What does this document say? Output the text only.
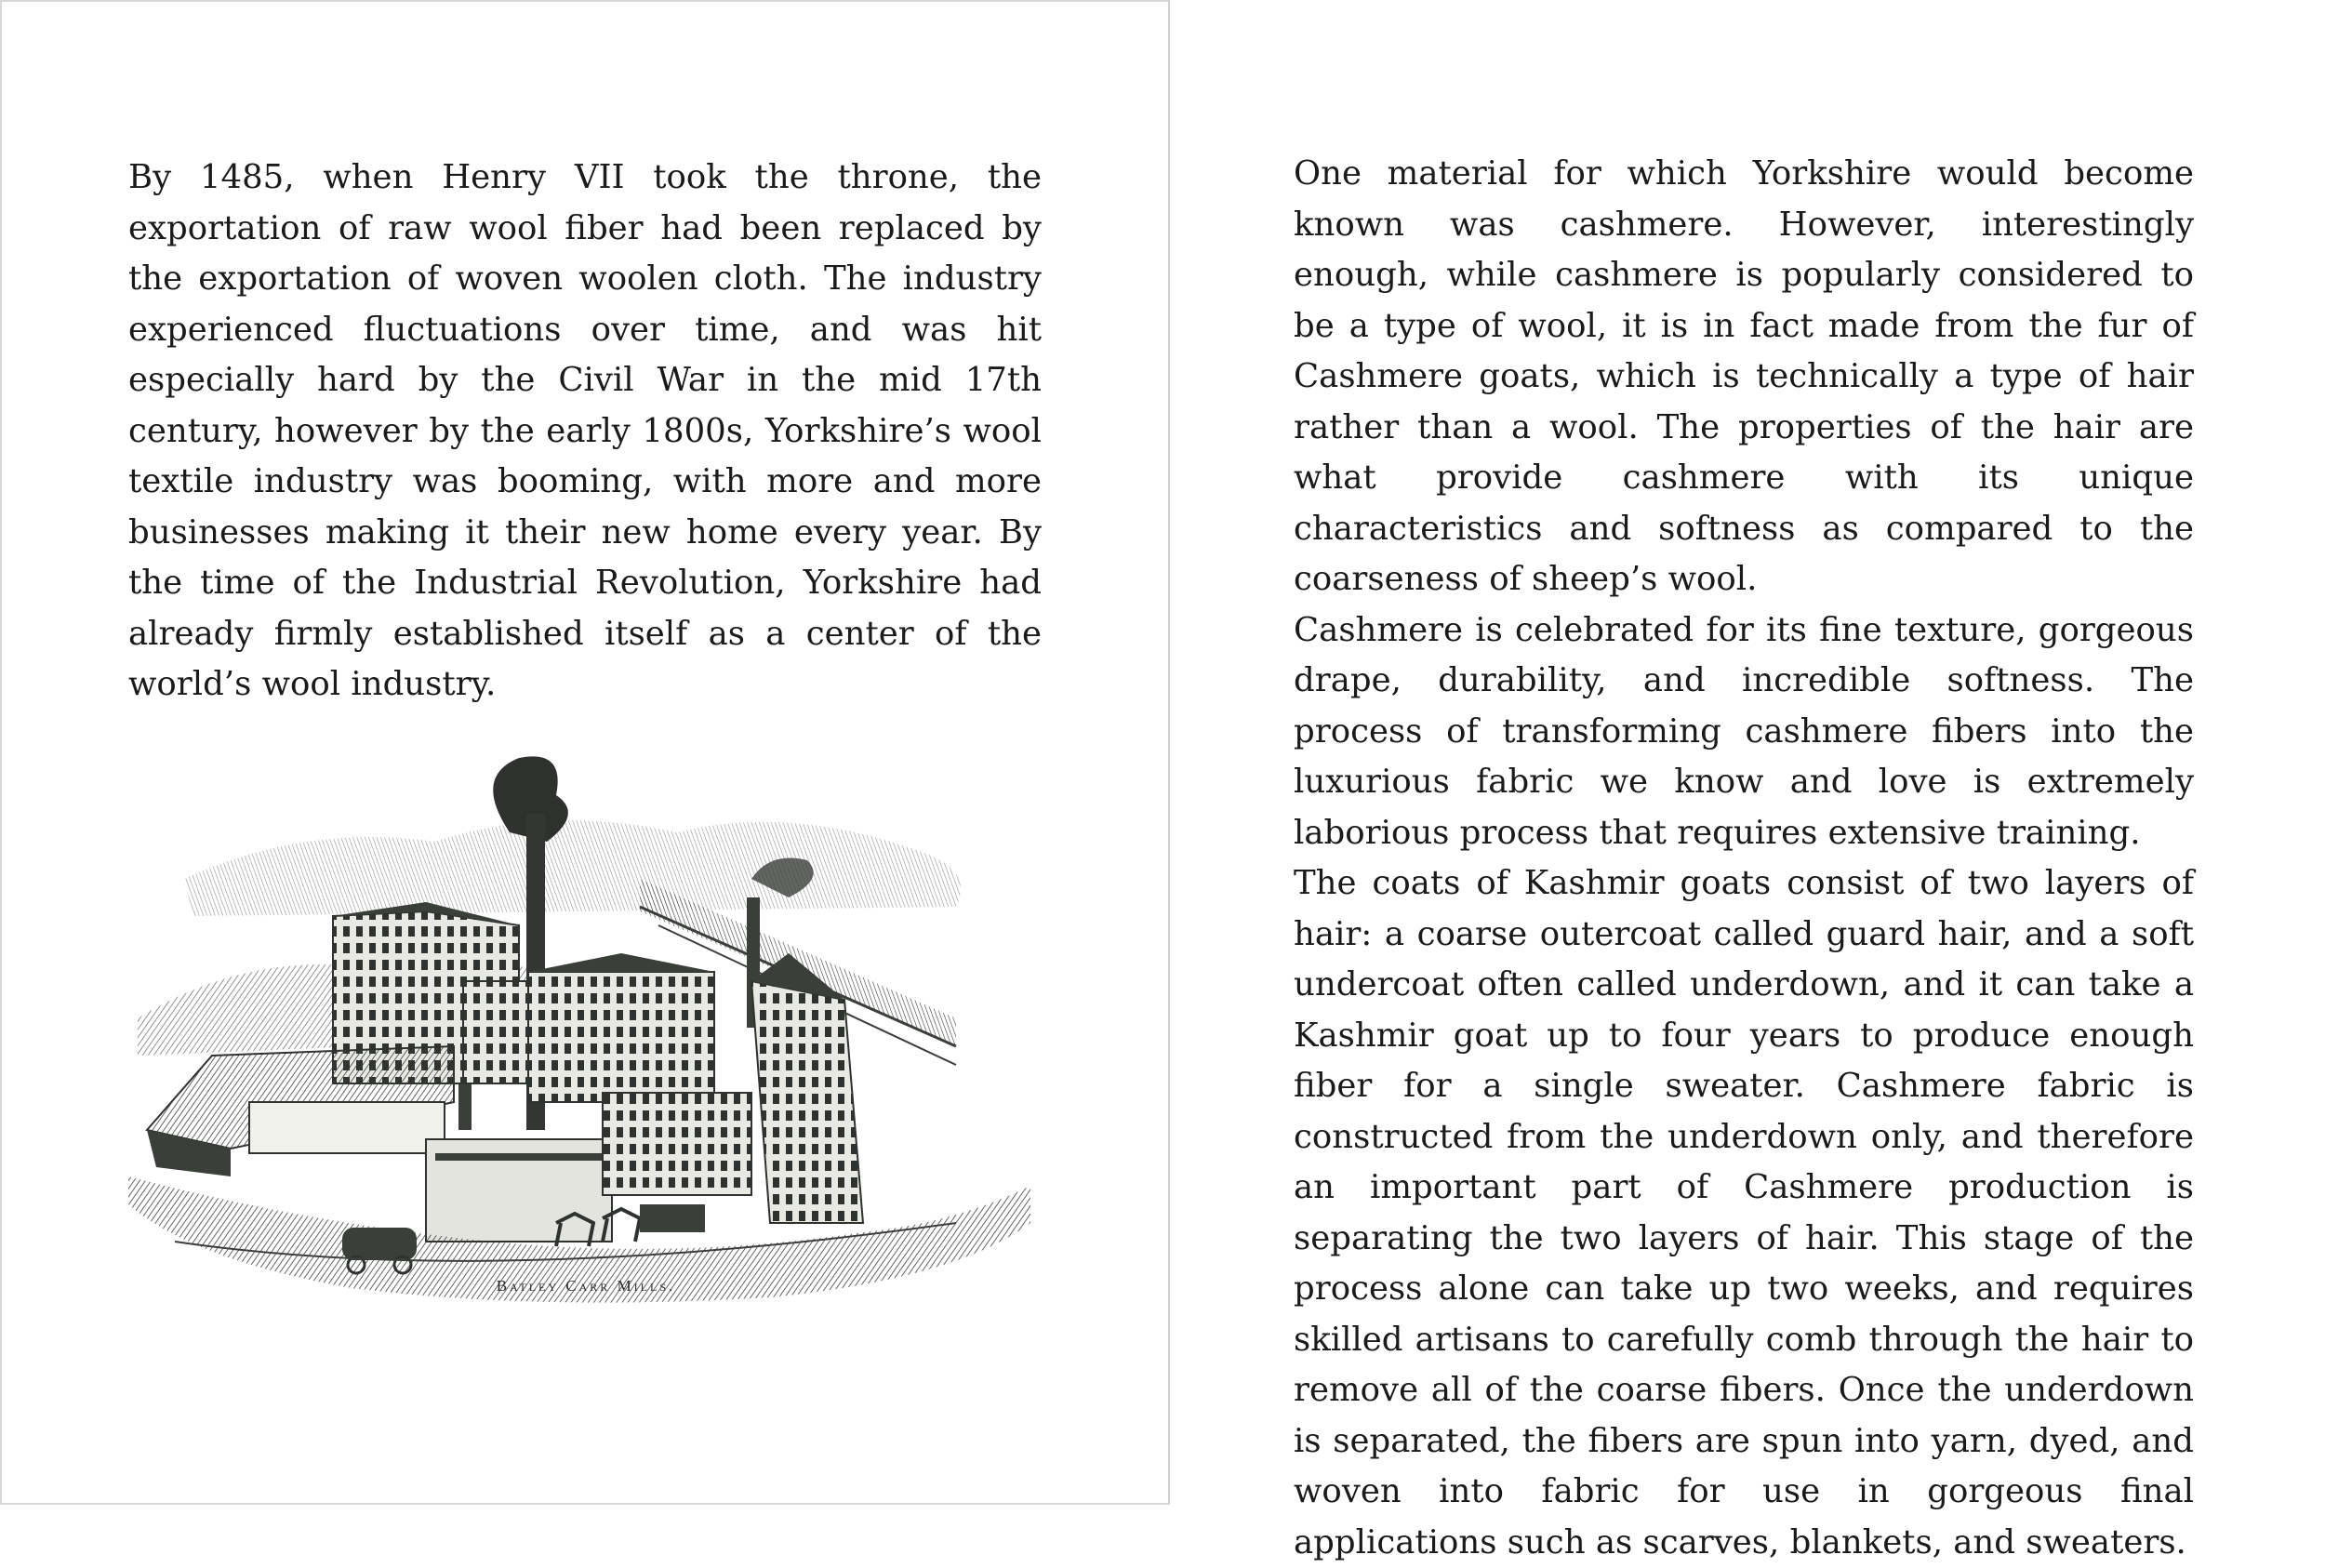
By 1485, when Henry VII took the throne, the exportation of raw wool fiber had been replaced by the exportation of woven woolen cloth. The industry experienced fluctuations over time, and was hit especially hard by the Civil War in the mid 17th century, however by the early 1800s, Yorkshire’s wool textile industry was booming, with more and more businesses making it their new home every year. By the time of the Industrial Revolution, Yorkshire had already firmly established itself as a center of the world’s wool industry.

Batley Carr Mills.

One material for which Yorkshire would become known was cashmere. However, interestingly enough, while cashmere is popularly considered to be a type of wool, it is in fact made from the fur of Cashmere goats, which is technically a type of hair rather than a wool. The properties of the hair are what provide cashmere with its unique characteristics and softness as compared to the coarseness of sheep’s wool.

Cashmere is celebrated for its fine texture, gorgeous drape, durability, and incredible softness. The process of transforming cashmere fibers into the luxurious fabric we know and love is extremely laborious process that requires extensive training.

The coats of Kashmir goats consist of two layers of hair: a coarse outercoat called guard hair, and a soft undercoat often called underdown, and it can take a Kashmir goat up to four years to produce enough fiber for a single sweater. Cashmere fabric is constructed from the underdown only, and therefore an important part of Cashmere production is separating the two layers of hair. This stage of the process alone can take up two weeks, and requires skilled artisans to carefully comb through the hair to remove all of the coarse fibers. Once the underdown is separated, the fibers are spun into yarn, dyed, and woven into fabric for use in gorgeous final applications such as scarves, blankets, and sweaters.
